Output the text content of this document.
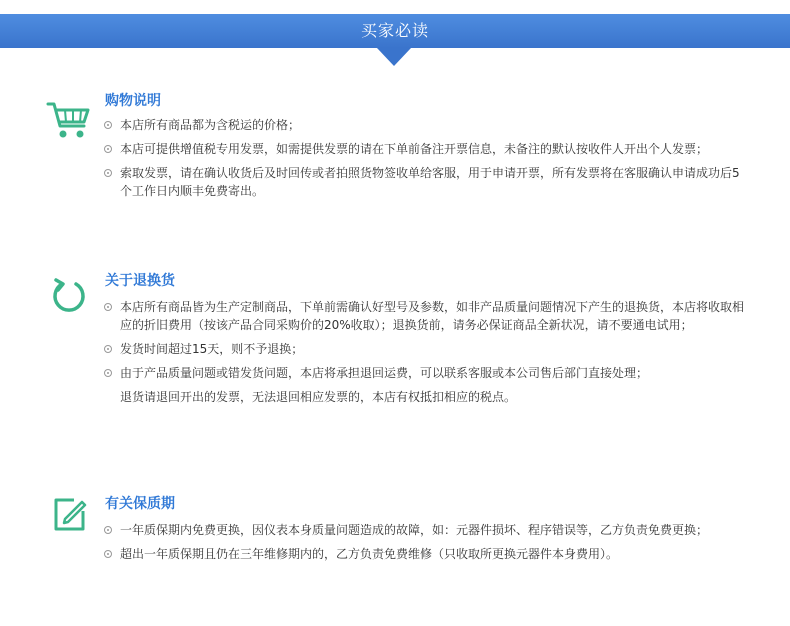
买家必读
购物说明
本店所有商品都为含税运的价格；
本店可提供增值税专用发票，如需提供发票的请在下单前备注开票信息，未备注的默认按收件人开出个人发票；
索取发票，请在确认收货后及时回传或者拍照货物签收单给客服，用于申请开票，所有发票将在客服确认申请成功后5个工作日内顺丰免费寄出。
关于退换货
本店所有商品皆为生产定制商品，下单前需确认好型号及参数，如非产品质量问题情况下产生的退换货，本店将收取相应的折旧费用（按该产品合同采购价的20%收取）；退换货前，请务必保证商品全新状况，请不要通电试用；
发货时间超过15天，则不予退换；
由于产品质量问题或错发货问题，本店将承担退回运费，可以联系客服或本公司售后部门直接处理；
退货请退回开出的发票，无法退回相应发票的，本店有权抵扣相应的税点。
有关保质期
一年质保期内免费更换，因仪表本身质量问题造成的故障，如：元器件损坏、程序错误等，乙方负责免费更换；
超出一年质保期且仍在三年维修期内的，乙方负责免费维修（只收取所更换元器件本身费用）。
